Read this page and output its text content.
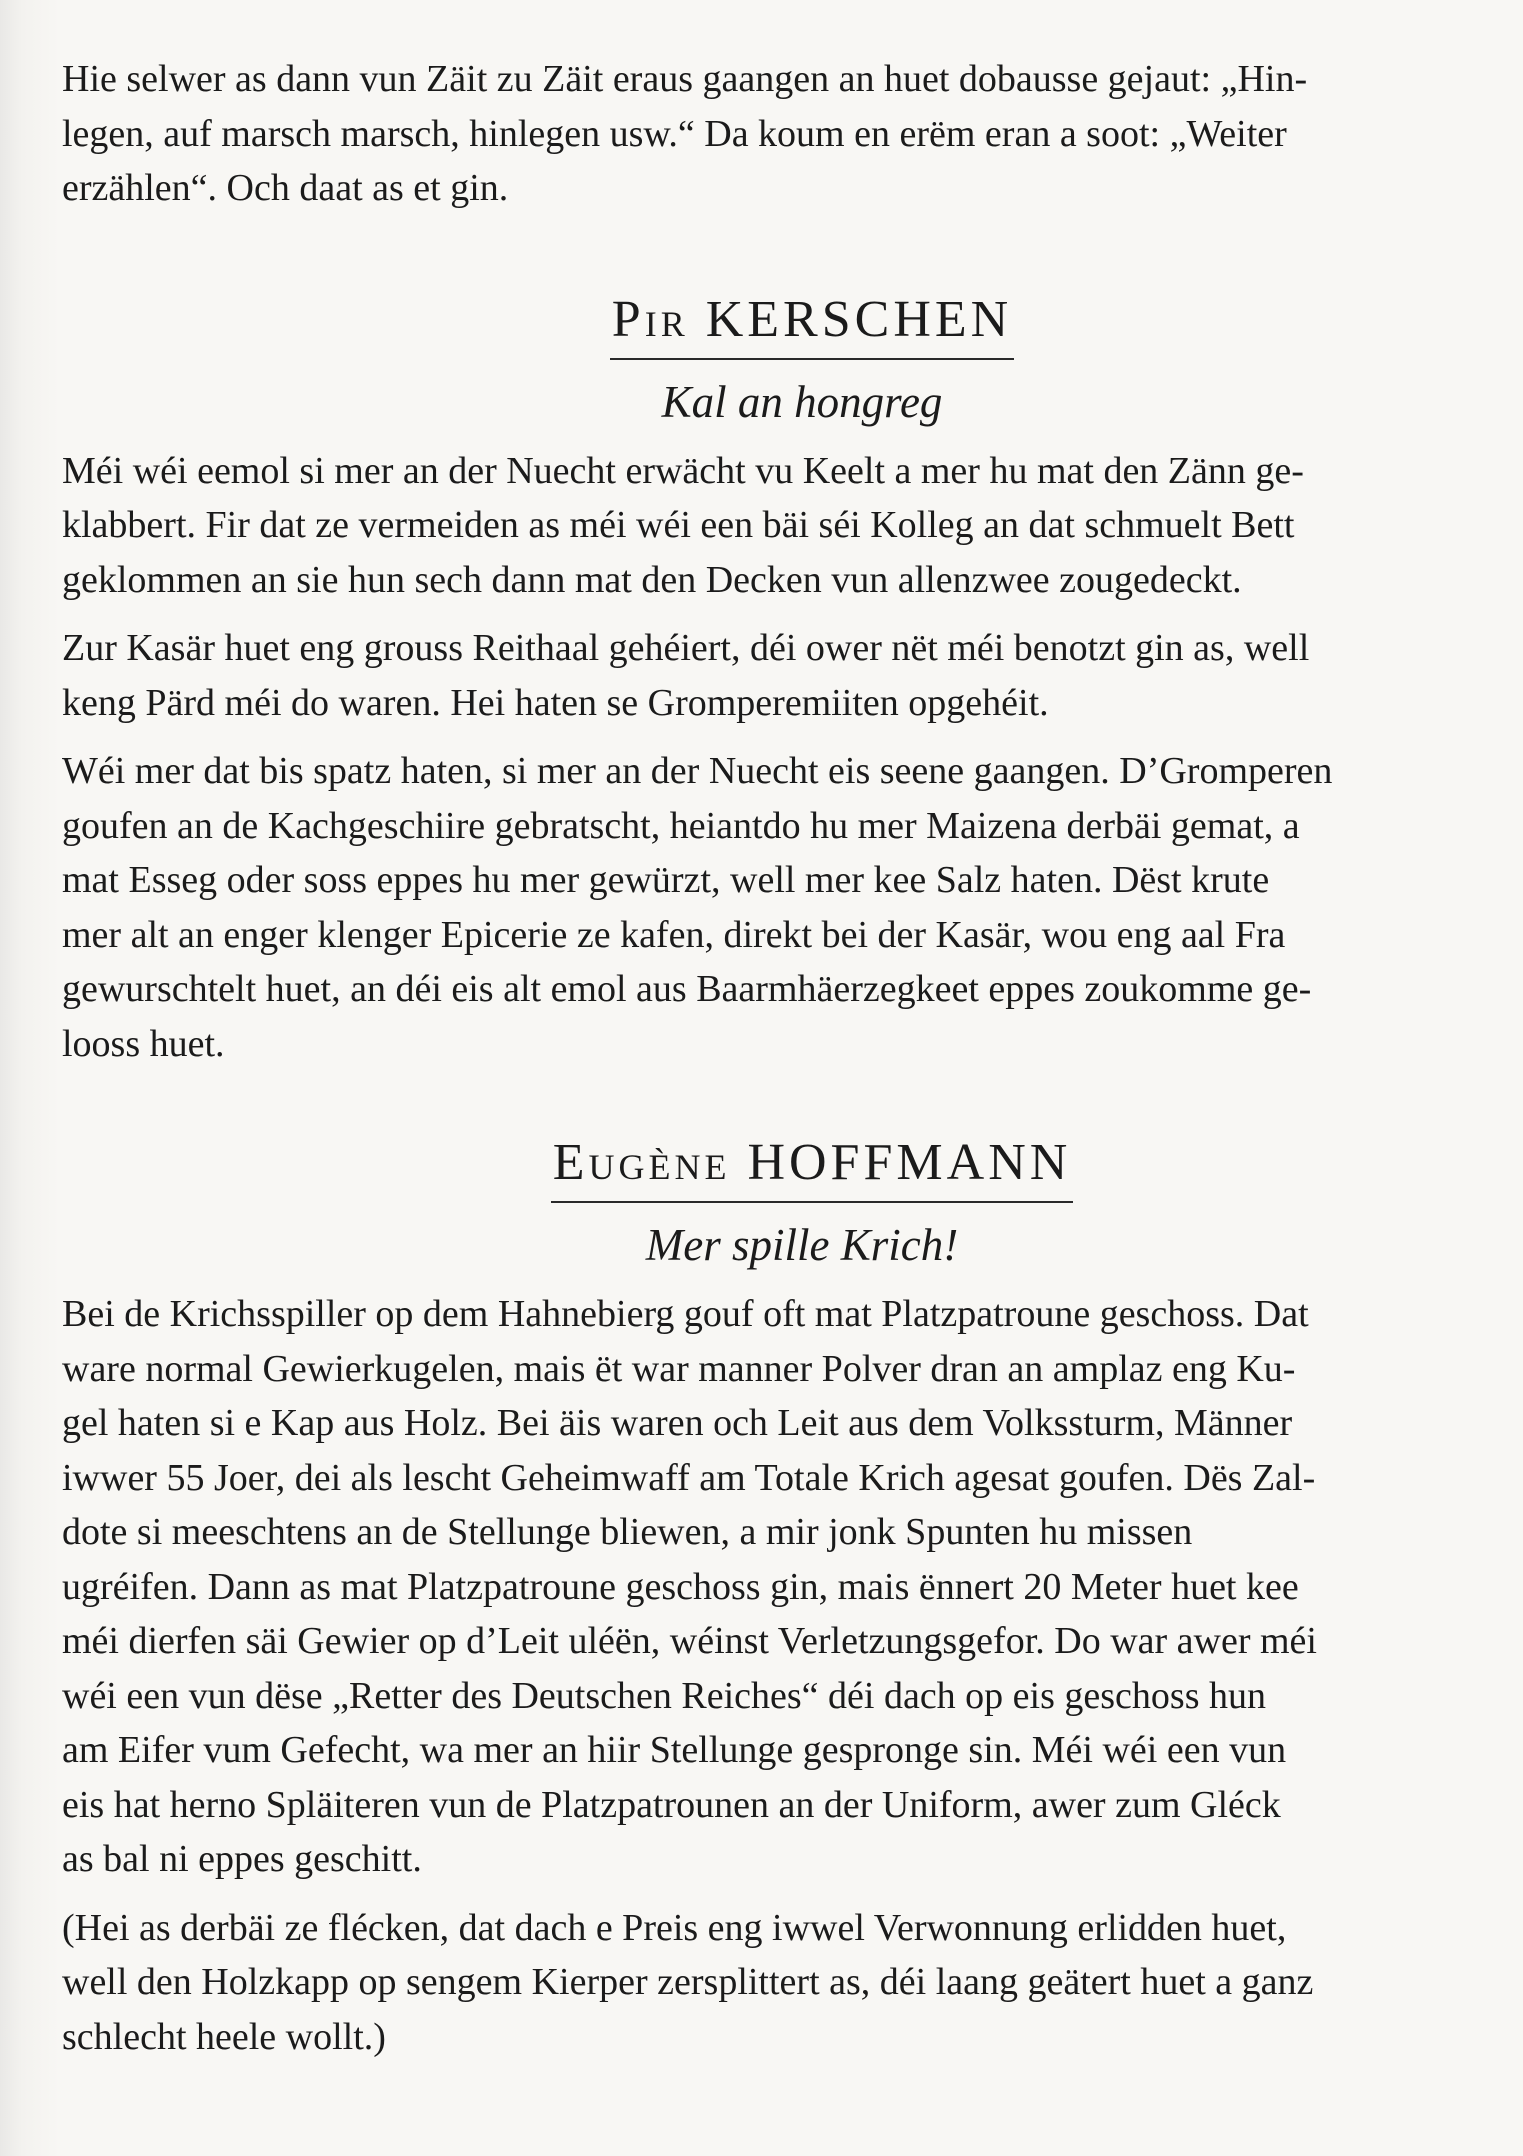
Hie selwer as dann vun Zäit zu Zäit eraus gaangen an huet dobausse gejaut: „Hin-
legen, auf marsch marsch, hinlegen usw.“ Da koum en erëm eran a soot: „Weiter
erzählen“. Och daat as et gin.

Pir KERSCHEN
Kal an hongreg

Méi wéi eemol si mer an der Nuecht erwächt vu Keelt a mer hu mat den Zänn ge-
klabbert. Fir dat ze vermeiden as méi wéi een bäi séi Kolleg an dat schmuelt Bett
geklommen an sie hun sech dann mat den Decken vun allenzwee zougedeckt.

Zur Kasär huet eng grouss Reithaal gehéiert, déi ower nët méi benotzt gin as, well
keng Pärd méi do waren. Hei haten se Gromperemiiten opgehéit.

Wéi mer dat bis spatz haten, si mer an der Nuecht eis seene gaangen. D’Gromperen
goufen an de Kachgeschiire gebratscht, heiantdo hu mer Maizena derbäi gemat, a
mat Esseg oder soss eppes hu mer gewürzt, well mer kee Salz haten. Dëst krute
mer alt an enger klenger Epicerie ze kafen, direkt bei der Kasär, wou eng aal Fra
gewurschtelt huet, an déi eis alt emol aus Baarmhäerzegkeet eppes zoukomme ge-
looss huet.

Eugène HOFFMANN
Mer spille Krich!

Bei de Krichsspiller op dem Hahnebierg gouf oft mat Platzpatroune geschoss. Dat
ware normal Gewierkugelen, mais ët war manner Polver dran an amplaz eng Ku-
gel haten si e Kap aus Holz. Bei äis waren och Leit aus dem Volkssturm, Männer
iwwer 55 Joer, dei als lescht Geheimwaff am Totale Krich agesat goufen. Dës Zal-
dote si meeschtens an de Stellunge bliewen, a mir jonk Spunten hu missen
ugréifen. Dann as mat Platzpatroune geschoss gin, mais ënnert 20 Meter huet kee
méi dierfen säi Gewier op d’Leit uléën, wéinst Verletzungsgefor. Do war awer méi
wéi een vun dëse „Retter des Deutschen Reiches“ déi dach op eis geschoss hun
am Eifer vum Gefecht, wa mer an hiir Stellunge gespronge sin. Méi wéi een vun
eis hat herno Spläiteren vun de Platzpatrounen an der Uniform, awer zum Gléck
as bal ni eppes geschitt.

(Hei as derbäi ze flécken, dat dach e Preis eng iwwel Verwonnung erlidden huet,
well den Holzkapp op sengem Kierper zersplittert as, déi laang geätert huet a ganz
schlecht heele wollt.)
